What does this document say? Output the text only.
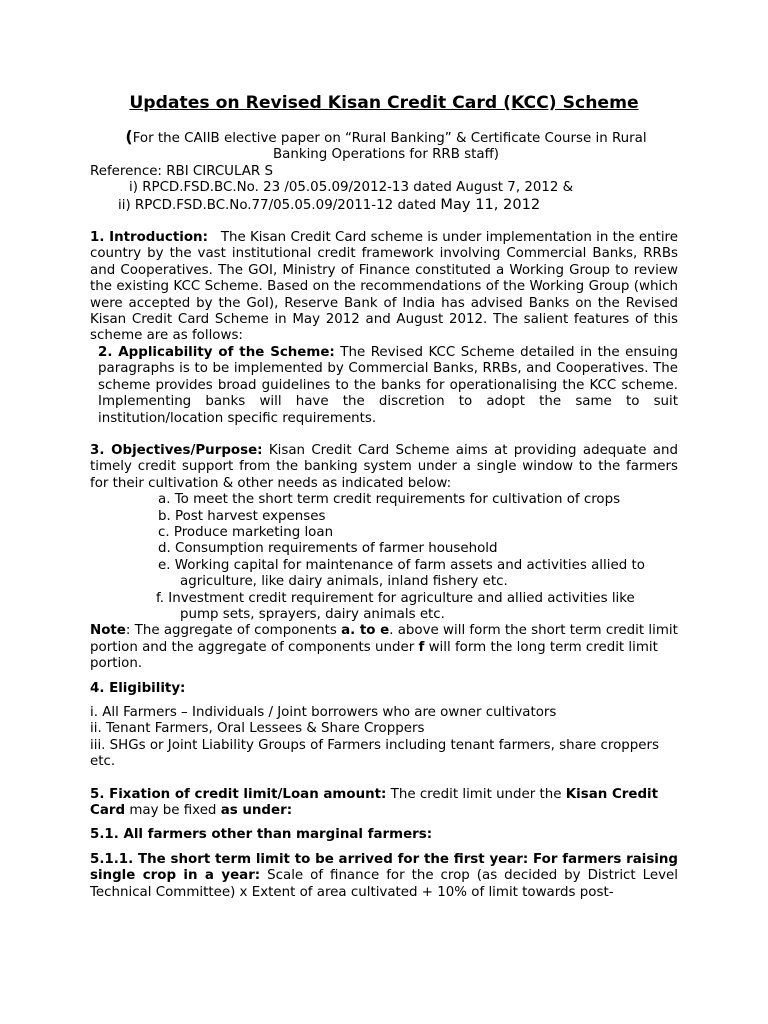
Updates on Revised Kisan Credit Card (KCC) Scheme

(For the CAIIB elective paper on “Rural Banking” & Certificate Course in Rural

Banking Operations for RRB staff)

Reference: RBI CIRCULAR S

i) RPCD.FSD.BC.No. 23 /05.05.09/2012-13 dated August 7, 2012 &

ii) RPCD.FSD.BC.No.77/05.05.09/2011-12 dated May 11, 2012

1. Introduction: The Kisan Credit Card scheme is under implementation in the entire country by the vast institutional credit framework involving Commercial Banks, RRBs and Cooperatives. The GOI, Ministry of Finance constituted a Working Group to review the existing KCC Scheme. Based on the recommendations of the Working Group (which were accepted by the GoI), Reserve Bank of India has advised Banks on the Revised Kisan Credit Card Scheme in May 2012 and August 2012. The salient features of this scheme are as follows:

2. Applicability of the Scheme: The Revised KCC Scheme detailed in the ensuing paragraphs is to be implemented by Commercial Banks, RRBs, and Cooperatives. The scheme provides broad guidelines to the banks for operationalising the KCC scheme. Implementing banks will have the discretion to adopt the same to suit institution/location specific requirements.

3. Objectives/Purpose: Kisan Credit Card Scheme aims at providing adequate and timely credit support from the banking system under a single window to the farmers for their cultivation & other needs as indicated below:

a. To meet the short term credit requirements for cultivation of crops
b. Post harvest expenses
c. Produce marketing loan
d. Consumption requirements of farmer household
e. Working capital for maintenance of farm assets and activities allied to
agriculture, like dairy animals, inland fishery etc.
f. Investment credit requirement for agriculture and allied activities like
pump sets, sprayers, dairy animals etc.

Note: The aggregate of components a. to e. above will form the short term credit limit portion and the aggregate of components under f will form the long term credit limit portion.

4. Eligibility:

i. All Farmers – Individuals / Joint borrowers who are owner cultivators
ii. Tenant Farmers, Oral Lessees & Share Croppers
iii. SHGs or Joint Liability Groups of Farmers including tenant farmers, share croppers etc.

5. Fixation of credit limit/Loan amount: The credit limit under the Kisan Credit Card may be fixed as under:

5.1. All farmers other than marginal farmers:

5.1.1. The short term limit to be arrived for the first year: For farmers raising single crop in a year: Scale of finance for the crop (as decided by District Level Technical Committee) x Extent of area cultivated + 10% of limit towards post-
